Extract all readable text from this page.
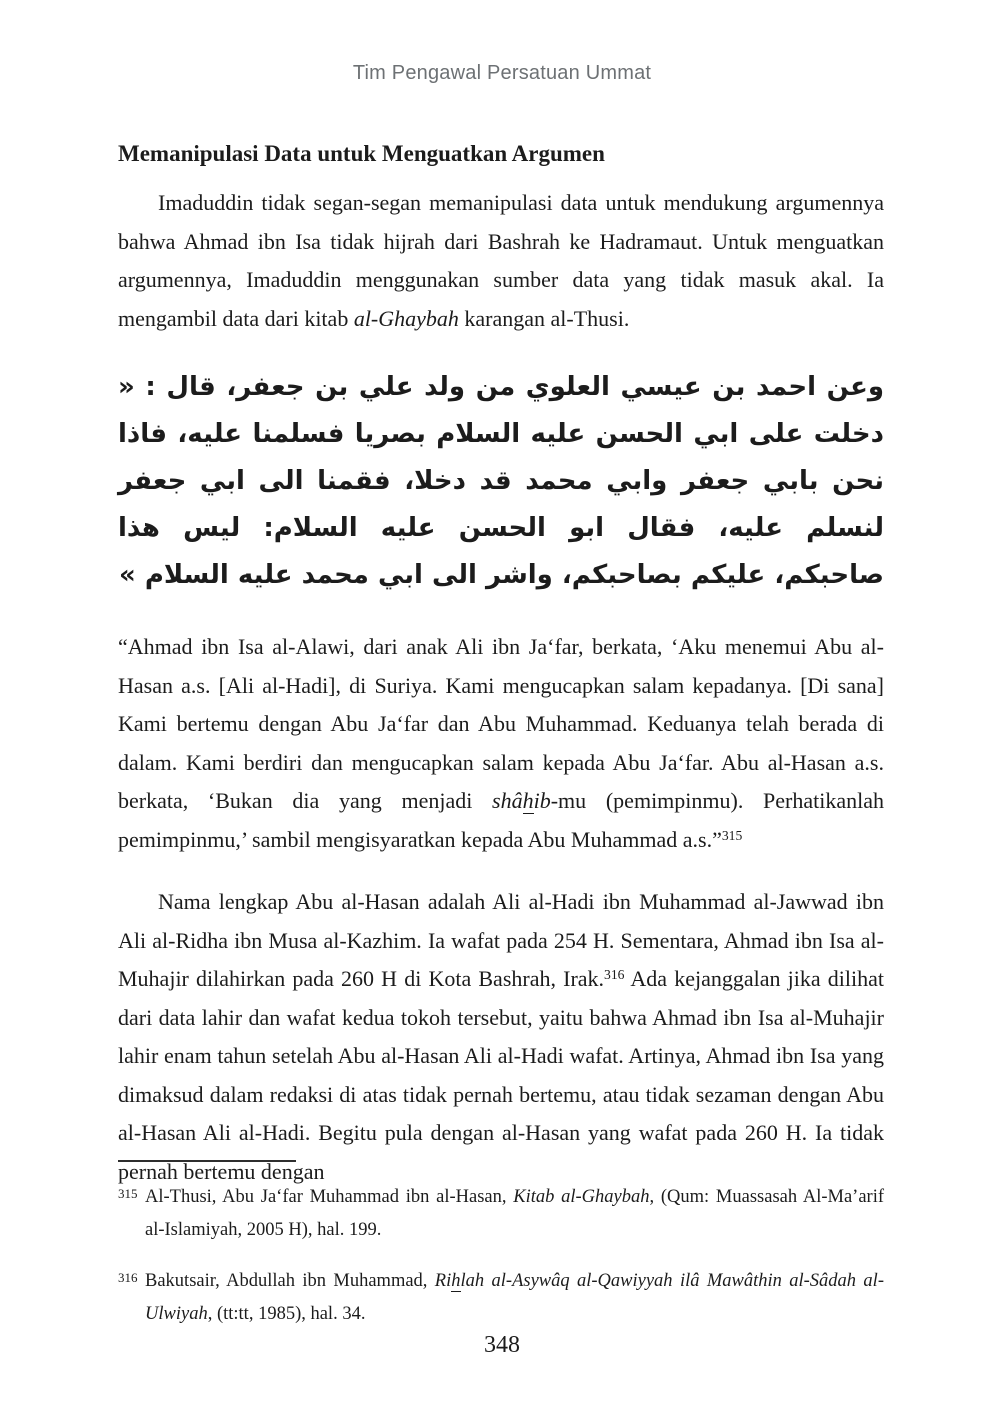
Tim Pengawal Persatuan Ummat
Memanipulasi Data untuk Menguatkan Argumen

Imaduddin tidak segan-segan memanipulasi data untuk mendukung argumennya bahwa Ahmad ibn Isa tidak hijrah dari Bashrah ke Hadramaut. Untuk menguatkan argumennya, Imaduddin menggunakan sumber data yang tidak masuk akal. Ia mengambil data dari kitab al-Ghaybah karangan al-Thusi.

وعن احمد بن عيسي العلوي من ولد علي بن جعفر، قال : « دخلت على ابي الحسن عليه السلام بصريا فسلمنا عليه، فاذا نحن بابي جعفر وابي محمد قد دخلا، فقمنا الى ابي جعفر لنسلم عليه، فقال ابو الحسن عليه السلام: ليس هذا صاحبكم، عليكم بصاحبكم، واشر الى ابي محمد عليه السلام »

“Ahmad ibn Isa al-Alawi, dari anak Ali ibn Ja‘far, berkata, ‘Aku menemui Abu al-Hasan a.s. [Ali al-Hadi], di Suriya. Kami mengucapkan salam kepadanya. [Di sana] Kami bertemu dengan Abu Ja‘far dan Abu Muhammad. Keduanya telah berada di dalam. Kami berdiri dan mengucapkan salam kepada Abu Ja‘far. Abu al-Hasan a.s. berkata, ‘Bukan dia yang menjadi shâhib-mu (pemimpinmu). Perhatikanlah pemimpinmu,’ sambil mengisyaratkan kepada Abu Muhammad a.s.”$^{315}$

Nama lengkap Abu al-Hasan adalah Ali al-Hadi ibn Muhammad al-Jawwad ibn Ali al-Ridha ibn Musa al-Kazhim. Ia wafat pada 254 H. Sementara, Ahmad ibn Isa al-Muhajir dilahirkan pada 260 H di Kota Bashrah, Irak.$^{316}$ Ada kejanggalan jika dilihat dari data lahir dan wafat kedua tokoh tersebut, yaitu bahwa Ahmad ibn Isa al-Muhajir lahir enam tahun setelah Abu al-Hasan Ali al-Hadi wafat. Artinya, Ahmad ibn Isa yang dimaksud dalam redaksi di atas tidak pernah bertemu, atau tidak sezaman dengan Abu al-Hasan Ali al-Hadi. Begitu pula dengan al-Hasan yang wafat pada 260 H. Ia tidak pernah bertemu dengan

315 Al-Thusi, Abu Ja‘far Muhammad ibn al-Hasan, Kitab al-Ghaybah, (Qum: Muassasah Al-Ma’arif al-Islamiyah, 2005 H), hal. 199.

316 Bakutsair, Abdullah ibn Muhammad, Rihlah al-Asywâq al-Qawiyyah ilâ Mawâthin al-Sâdah al-Ulwiyah, (tt:tt, 1985), hal. 34.

348
